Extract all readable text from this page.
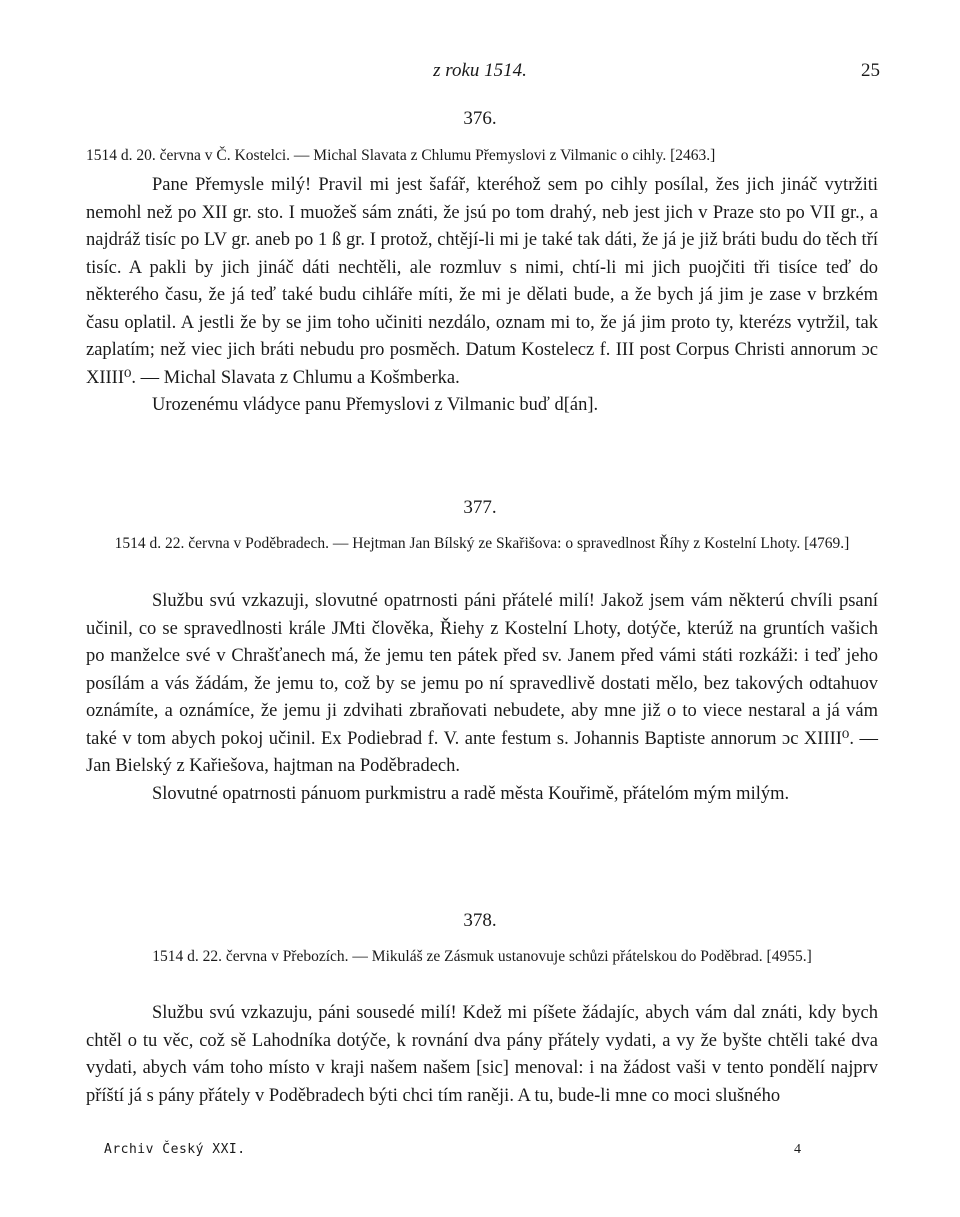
z roku 1514.	25
376.
1514 d. 20. června v Č. Kostelci. — Michal Slavata z Chlumu Přemyslovi z Vilmanic o cihly. [2463.]

Pane Přemysle milý! Pravil mi jest šafář, kteréhož sem po cihly posílal, žes jich jináč vytržiti nemohl než po XII gr. sto. I muožeš sám znáti, že jsú po tom drahý, neb jest jich v Praze sto po VII gr., a najdráž tisíc po LV gr. aneb po 1 ß gr. I protož, chtějí-li mi je také tak dáti, že já je již bráti budu do těch tří tisíc. A pakli by jich jináč dáti nechtěli, ale rozmluv s nimi, chtí-li mi jich puojčiti tři tisíce teď do některého času, že já teď také budu cihláře míti, že mi je dělati bude, a že bych já jim je zase v brzkém času oplatil. A jestli že by se jim toho učiniti nezdálo, oznam mi to, že já jim proto ty, kterézs vytržil, tak zaplatím; než viec jich bráti nebudu pro posměch. Datum Kostelecz f. III post Corpus Christi annorum ɔc XIIII⁰. — Michal Slavata z Chlumu a Košmberka.

Urozenému vládyce panu Přemyslovi z Vilmanic buď d[án].

377.
1514 d. 22. června v Poděbradech. — Hejtman Jan Bílský ze Skařišova: o spravedlnost Říhy z Kostelní Lhoty. [4769.]

Službu svú vzkazuji, slovutné opatrnosti páni přátelé milí! Jakož jsem vám některú chvíli psaní učinil, co se spravedlnosti krále JMti člověka, Řiehy z Kostelní Lhoty, dotýče, kterúž na gruntích vašich po manželce své v Chrašťanech má, že jemu ten pátek před sv. Janem před vámi státi rozkáži: i teď jeho posílám a vás žádám, že jemu to, což by se jemu po ní spravedlivě dostati mělo, bez takových odtahuov oznámíte, a oznámíce, že jemu ji zdvihati zbraňovati nebudete, aby mne již o to viece nestaral a já vám také v tom abych pokoj učinil. Ex Podiebrad f. V. ante festum s. Johannis Baptiste annorum ɔc XIIII⁰. — Jan Bielský z Kařiešova, hajtman na Poděbradech.

Slovutné opatrnosti pánuom purkmistru a radě města Kouřimě, přátelóm mým milým.

378.
1514 d. 22. června v Přebozích. — Mikuláš ze Zásmuk ustanovuje schůzi přátelskou do Poděbrad. [4955.]

Službu svú vzkazuju, páni sousedé milí! Kdež mi píšete žádajíc, abych vám dal znáti, kdy bych chtěl o tu věc, což sě Lahodníka dotýče, k rovnání dva pány přátely vydati, a vy že byšte chtěli také dva vydati, abych vám toho místo v kraji našem našem [sic] menoval: i na žádost vaši v tento pondělí najprv příští já s pány přátely v Poděbradech býti chci tím raněji. A tu, bude-li mne co moci slušného

Archiv Český XXI.	4
